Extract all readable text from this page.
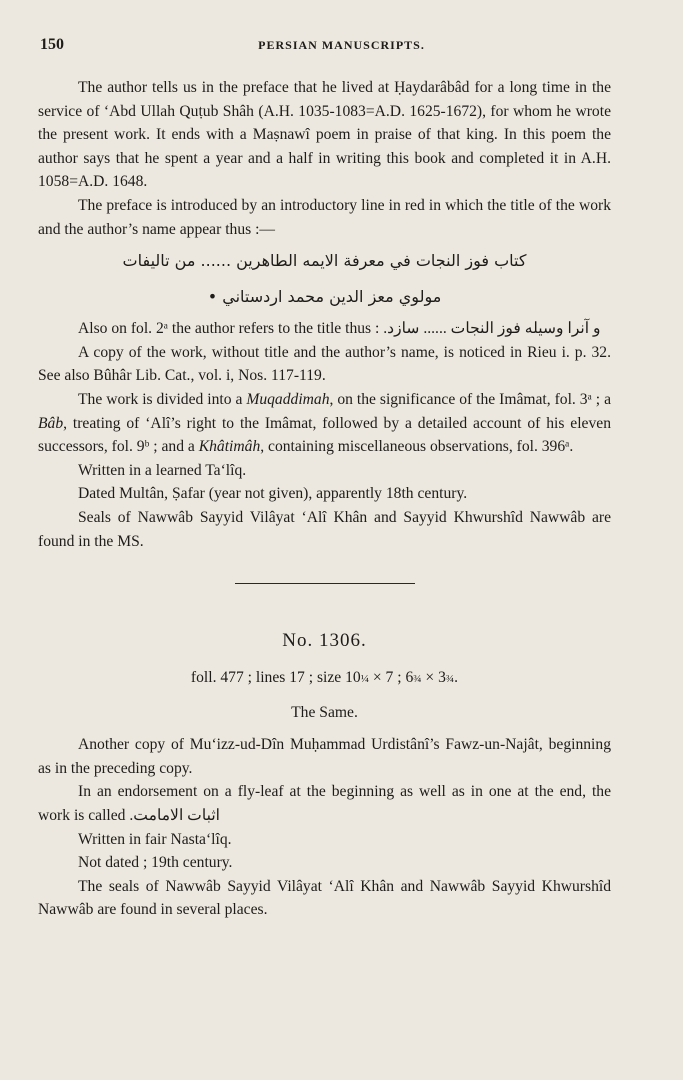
150	PERSIAN MANUSCRIPTS.

The author tells us in the preface that he lived at Ḥaydarâbâd for a long time in the service of ‘Abd Ullah Quṭub Shâh (A.H. 1035-1083=A.D. 1625-1672), for whom he wrote the present work. It ends with a Maṣnawî poem in praise of that king. In this poem the author says that he spent a year and a half in writing this book and completed it in A.H. 1058=A.D. 1648.

The preface is introduced by an introductory line in red in which the title of the work and the author’s name appear thus :—

كتاب فوز النجات في معرفة الايمه الطاهرين ...... من تاليفات
مولوي معز الدين محمد اردستاني •

Also on fol. 2ᵃ the author refers to the title thus : و آنرا وسيله فوز النجات ...... سازد.

A copy of the work, without title and the author’s name, is noticed in Rieu i. p. 32. See also Bûhâr Lib. Cat., vol. i, Nos. 117-119.

The work is divided into a Muqaddimah, on the significance of the Imâmat, fol. 3ᵃ ; a Bâb, treating of ‘Alî’s right to the Imâmat, followed by a detailed account of his eleven successors, fol. 9ᵇ ; and a Khâtimâh, containing miscellaneous observations, fol. 396ᵃ.

Written in a learned Ta‘lîq.

Dated Multân, Ṣafar (year not given), apparently 18th century.

Seals of Nawwâb Sayyid Vilâyat ‘Alî Khân and Sayyid Khwurshîd Nawwâb are found in the MS.

No. 1306.

foll. 477 ; lines 17 ; size 10¼ × 7 ; 6¾ × 3¾.

The Same.

Another copy of Mu‘izz-ud-Dîn Muḥammad Urdistânî’s Fawz-un-Najât, beginning as in the preceding copy.

In an endorsement on a fly-leaf at the beginning as well as in one at the end, the work is called اثبات الامامت.

Written in fair Nasta‘lîq.

Not dated ; 19th century.

The seals of Nawwâb Sayyid Vilâyat ‘Alî Khân and Nawwâb Sayyid Khwurshîd Nawwâb are found in several places.
